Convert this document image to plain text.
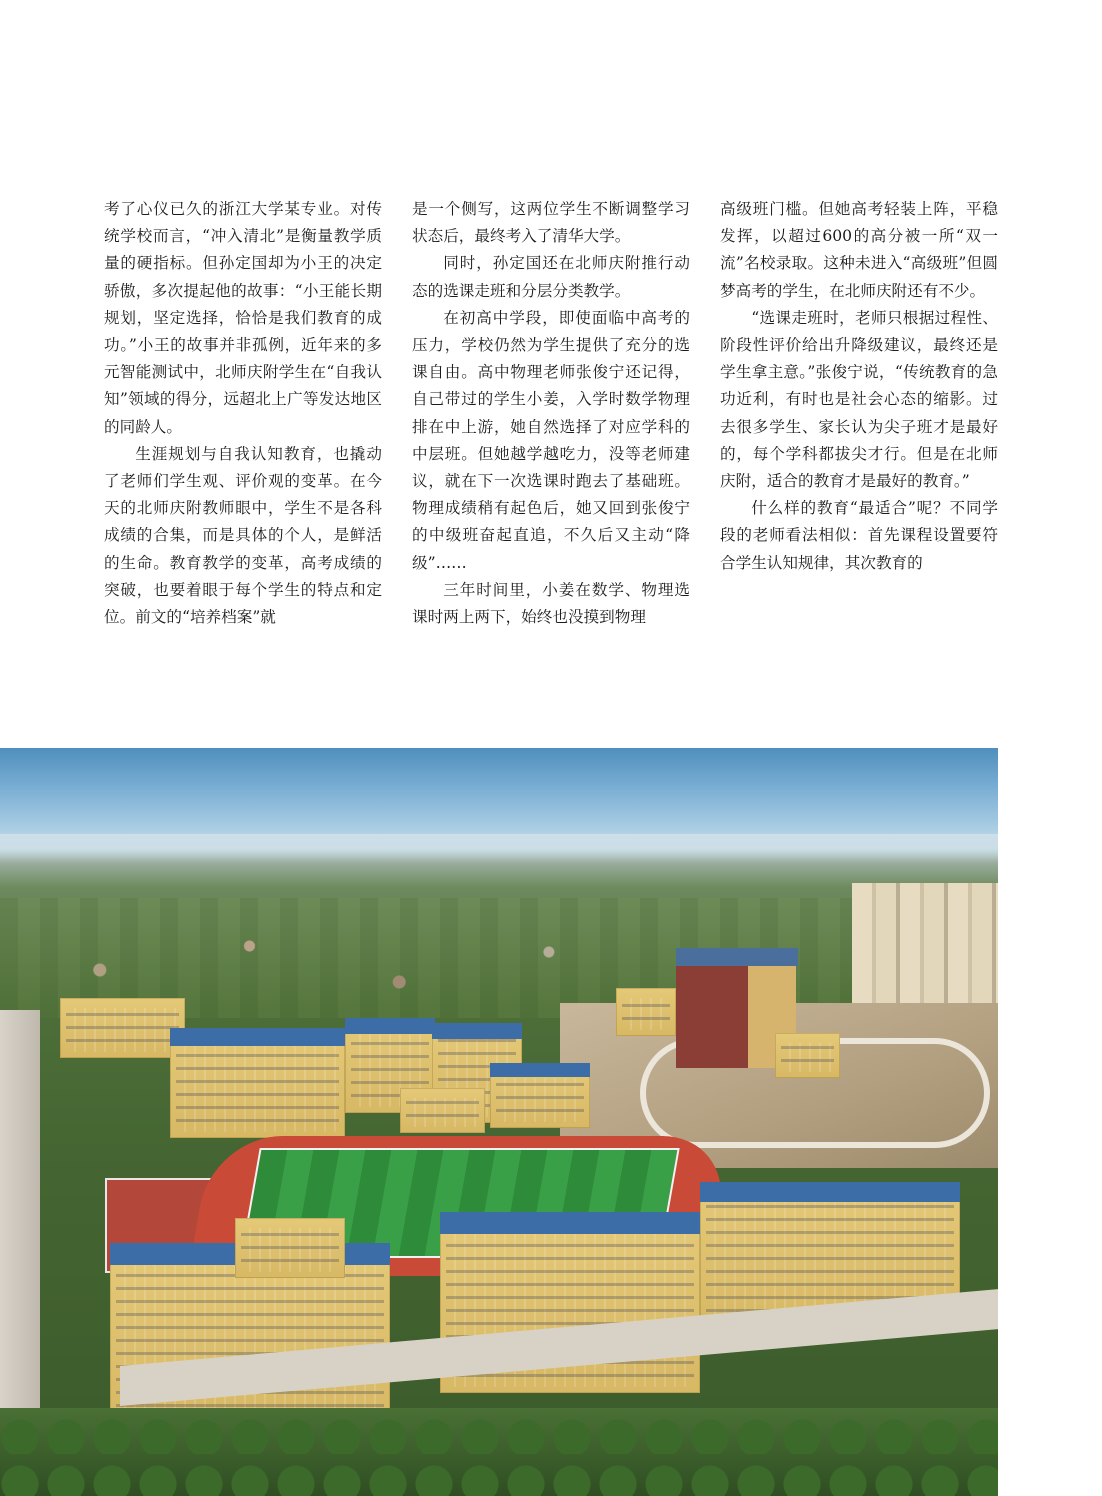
考了心仪已久的浙江大学某专业。对传统学校而言，“冲入清北”是衡量教学质量的硬指标。但孙定国却为小王的决定骄傲，多次提起他的故事：“小王能长期规划，坚定选择，恰恰是我们教育的成功。”小王的故事并非孤例，近年来的多元智能测试中，北师庆附学生在“自我认知”领域的得分，远超北上广等发达地区的同龄人。

生涯规划与自我认知教育，也撬动了老师们学生观、评价观的变革。在今天的北师庆附教师眼中，学生不是各科成绩的合集，而是具体的个人，是鲜活的生命。教育教学的变革，高考成绩的突破，也要着眼于每个学生的特点和定位。前文的“培养档案”就

是一个侧写，这两位学生不断调整学习状态后，最终考入了清华大学。

同时，孙定国还在北师庆附推行动态的选课走班和分层分类教学。

在初高中学段，即使面临中高考的压力，学校仍然为学生提供了充分的选课自由。高中物理老师张俊宁还记得，自己带过的学生小姜，入学时数学物理排在中上游，她自然选择了对应学科的中层班。但她越学越吃力，没等老师建议，就在下一次选课时跑去了基础班。物理成绩稍有起色后，她又回到张俊宁的中级班奋起直追，不久后又主动“降级”……

三年时间里，小姜在数学、物理选课时两上两下，始终也没摸到物理

高级班门槛。但她高考轻装上阵，平稳发挥，以超过600的高分被一所“双一流”名校录取。这种未进入“高级班”但圆梦高考的学生，在北师庆附还有不少。

“选课走班时，老师只根据过程性、阶段性评价给出升降级建议，最终还是学生拿主意。”张俊宁说，“传统教育的急功近利，有时也是社会心态的缩影。过去很多学生、家长认为尖子班才是最好的，每个学科都拔尖才行。但是在北师庆附，适合的教育才是最好的教育。”

什么样的教育“最适合”呢？不同学段的老师看法相似：首先课程设置要符合学生认知规律，其次教育的
